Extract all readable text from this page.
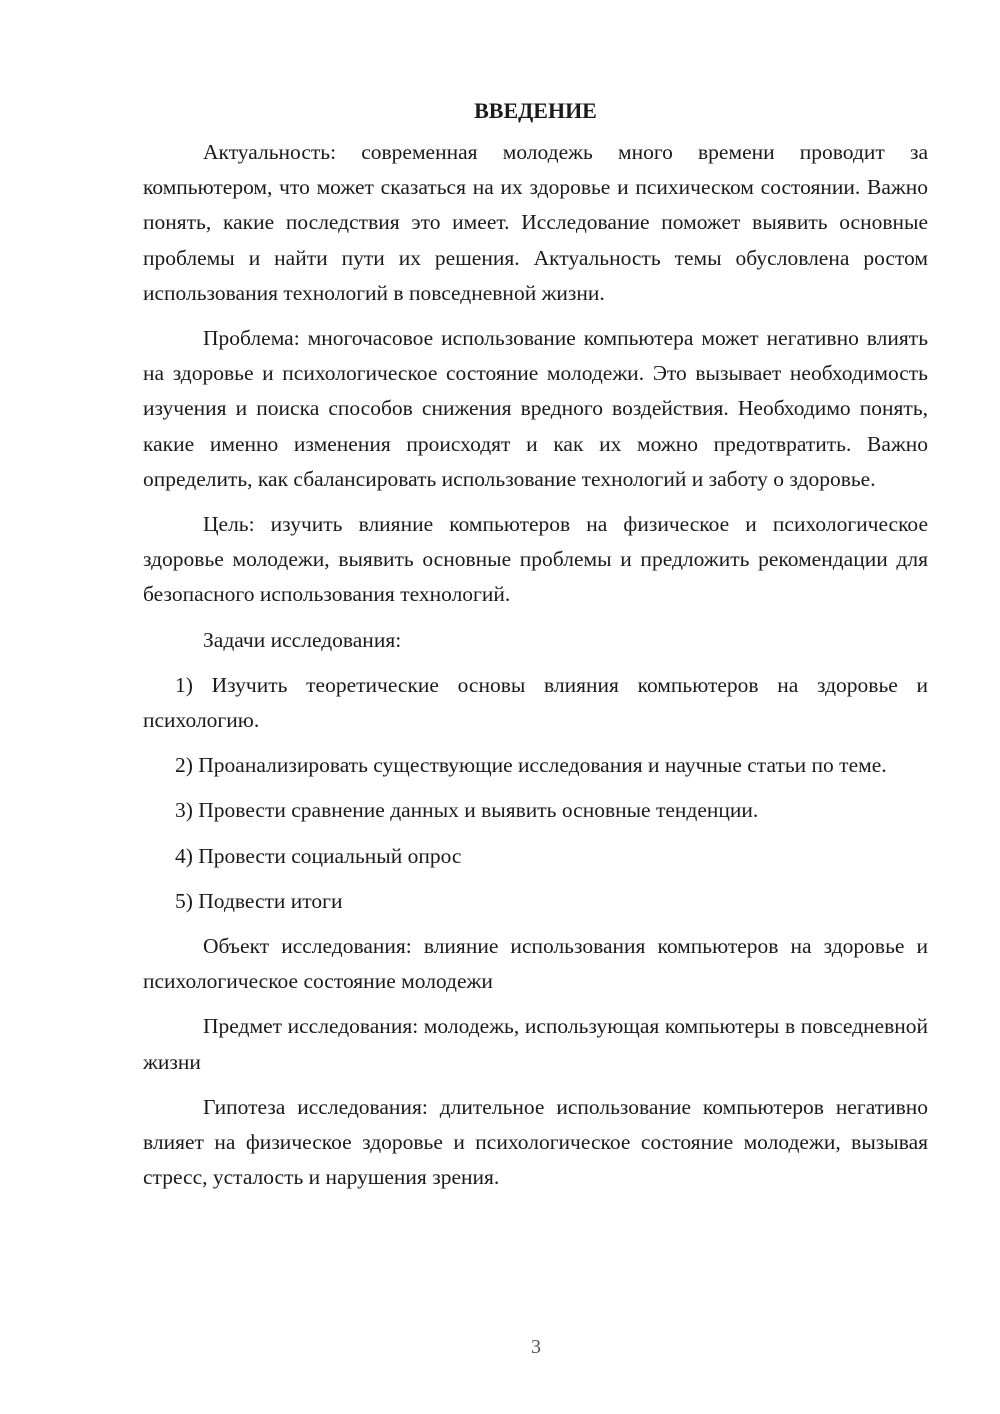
ВВЕДЕНИЕ

Актуальность: современная молодежь много времени проводит за компьютером, что может сказаться на их здоровье и психическом состоянии. Важно понять, какие последствия это имеет. Исследование поможет выявить основные проблемы и найти пути их решения. Актуальность темы обусловлена ростом использования технологий в повседневной жизни.

Проблема: многочасовое использование компьютера может негативно влиять на здоровье и психологическое состояние молодежи. Это вызывает необходимость изучения и поиска способов снижения вредного воздействия. Необходимо понять, какие именно изменения происходят и как их можно предотвратить. Важно определить, как сбалансировать использование технологий и заботу о здоровье.

Цель: изучить влияние компьютеров на физическое и психологическое здоровье молодежи, выявить основные проблемы и предложить рекомендации для безопасного использования технологий.

Задачи исследования:

1) Изучить теоретические основы влияния компьютеров на здоровье и психологию.

2) Проанализировать существующие исследования и научные статьи по теме.

3) Провести сравнение данных и выявить основные тенденции.

4) Провести социальный опрос

5) Подвести итоги

Объект исследования: влияние использования компьютеров на здоровье и психологическое состояние молодежи

Предмет исследования: молодежь, использующая компьютеры в повседневной жизни

Гипотеза исследования: длительное использование компьютеров негативно влияет на физическое здоровье и психологическое состояние молодежи, вызывая стресс, усталость и нарушения зрения.

3
